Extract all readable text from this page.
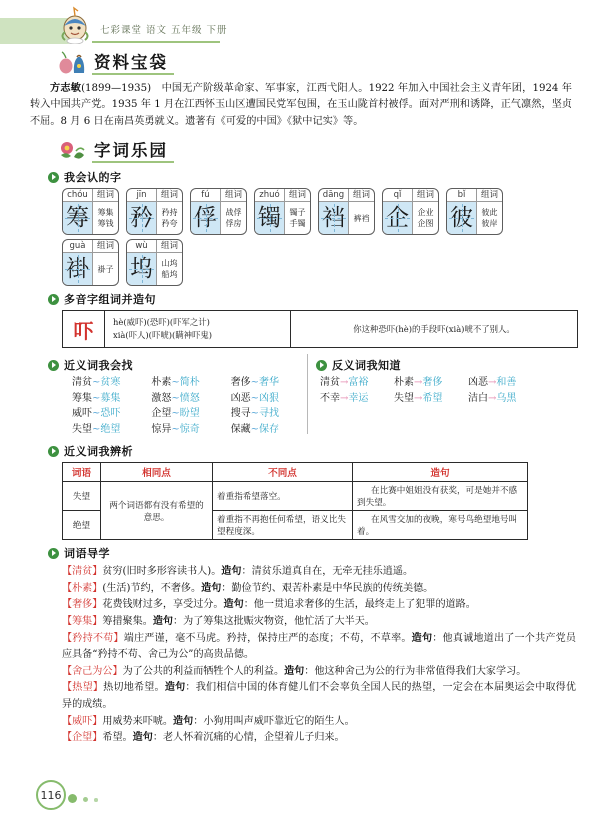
七彩课堂 语文 五年级 下册
资料宝袋
方志敏(1899—1935)　中国无产阶级革命家、军事家，江西弋阳人。1922 年加入中国社会主义青年团，1924 年转入中国共产党。1935 年 1 月在江西怀玉山区遭国民党军包围，在玉山陇首村被俘。面对严刑和诱降，正气凛然，坚贞不屈。8 月 6 日在南昌英勇就义。遗著有《可爱的中国》《狱中记实》等。
字词乐园
我会认的字
chóu	组词
筹	筹集
筹钱
jīn	组词
矜	矜持
矜夸
fú	组词
俘	战俘
俘房
zhuó	组词
镯	镯子
手镯
dāng	组词
裆	裤裆
qǐ	组词
企	企业
企图
bǐ	组词
彼	彼此
彼岸
guà	组词
褂	褂子
wù	组词
坞	山坞
船坞
多音字组词并造句
吓	hè(威吓)(恐吓)(吓军之计)
xià(吓人)(吓唬)(瞒神吓鬼)
你这种恐吓(hè)的手段吓(xià)唬不了别人。
近义词我会找
清贫~贫寒	朴素~简朴	奢侈~奢华
筹集~募集	激怒~愤怒	凶恶~凶狠
威吓~恐吓	企望~盼望	搜寻~寻找
失望~绝望	惊异~惊奇	保藏~保存
反义词我知道
清贫→富裕	朴素→奢侈	凶恶→和善
不幸→幸运	失望→希望	洁白→乌黑
近义词我辨析
词语	相同点	不同点	造句
失望	两个词语都有没有希望的意思。	着重指希望落空。	在比赛中姐姐没有获奖，可是她并不感到失望。
绝望		着重指不再抱任何希望，语义比失望程度深。	在风雪交加的夜晚，寒号鸟绝望地号叫着。
词语导学
【清贫】贫穷(旧时多形容读书人)。造句：清贫乐道真自在，无牵无挂乐逍遥。
【朴素】(生活)节约，不奢侈。造句：勤俭节约、艰苦朴素是中华民族的传统美德。
【奢侈】花费钱财过多，享受过分。造句：他一贯追求奢侈的生活，最终走上了犯罪的道路。
【筹集】筹措聚集。造句：为了筹集这批赈灾物资，他忙活了大半天。
【矜持不苟】端庄严谨，毫不马虎。矜持，保持庄严的态度；不苟，不草率。造句：他真诚地道出了一个共产党员应具备“矜持不苟、舍己为公”的高贵品德。
【舍己为公】为了公共的利益而牺牲个人的利益。造句：他这种舍己为公的行为非常值得我们大家学习。
【热望】热切地希望。造句：我们相信中国的体育健儿们不会辜负全国人民的热望，一定会在本届奥运会中取得优异的成绩。
【威吓】用威势来吓唬。造句：小狗用叫声威吓靠近它的陌生人。
【企望】希望。造句：老人怀着沉痛的心情，企望着儿子归来。
116
